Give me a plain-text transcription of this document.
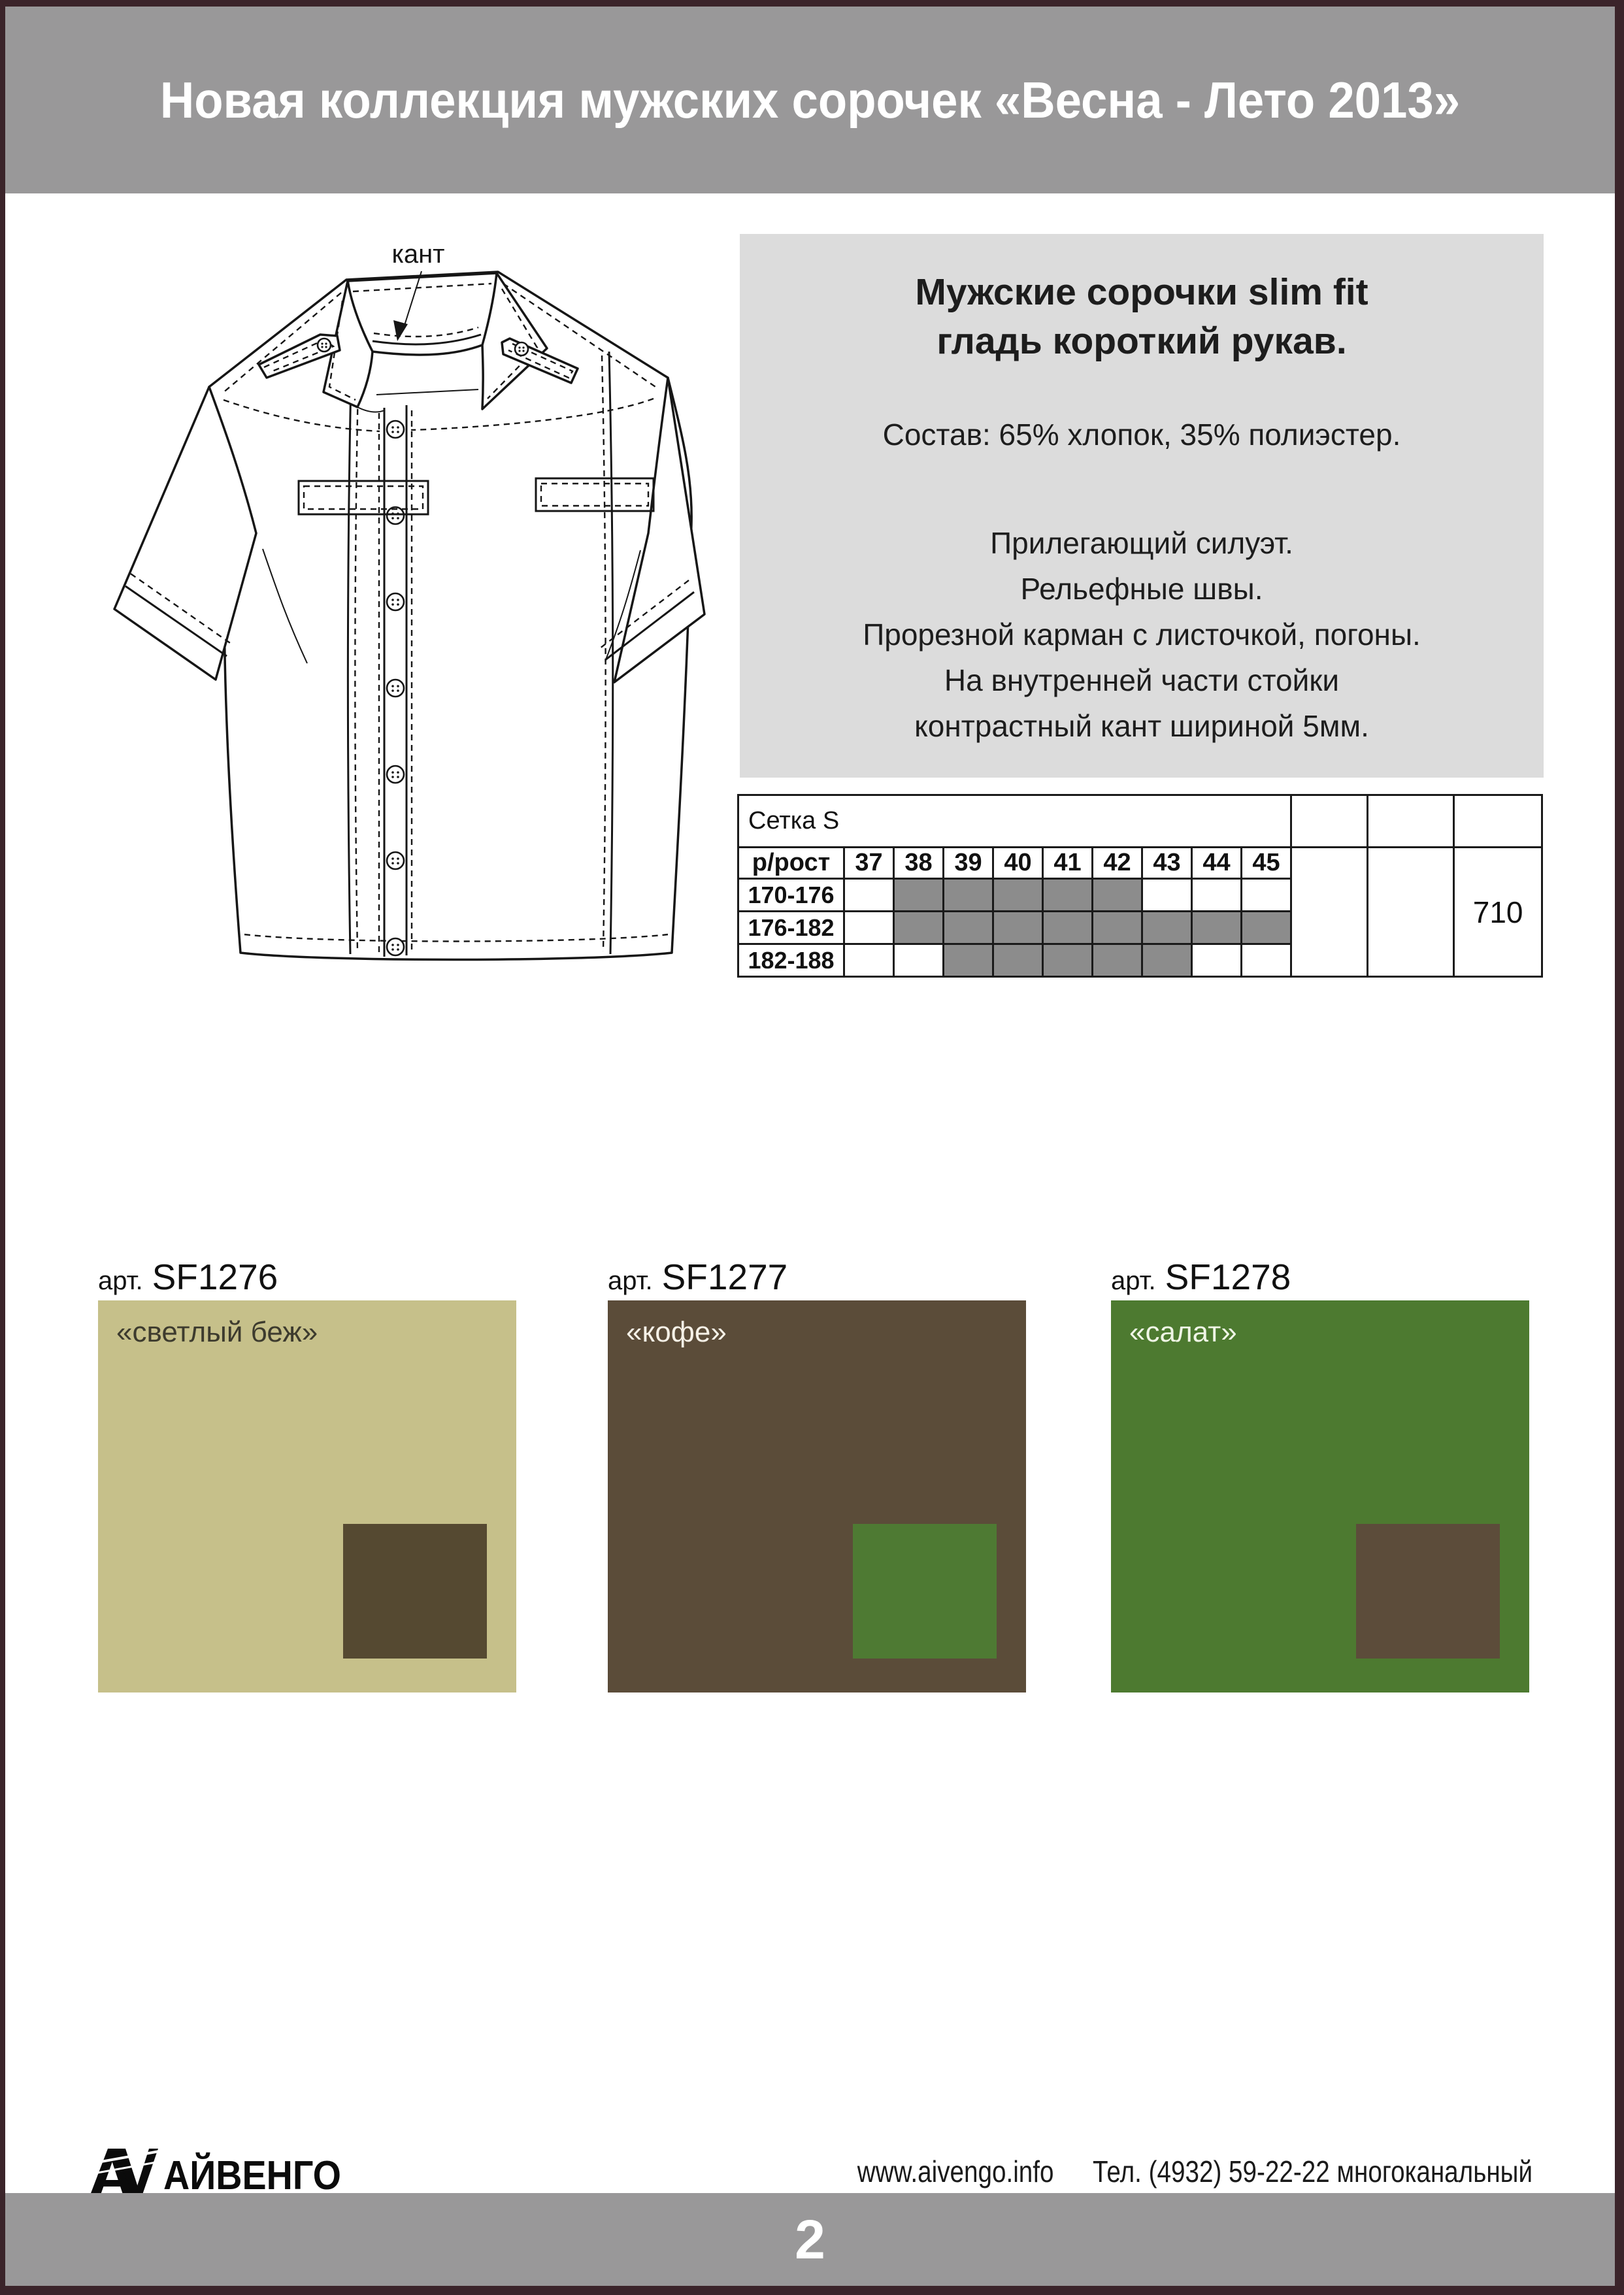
Новая коллекция мужских сорочек «Весна - Лето 2013»
кант
Мужские сорочки slim fit
гладь короткий рукав.
Состав: 65% хлопок, 35% полиэстер.
Прилегающий силуэт.
Рельефные швы.
Прорезной карман с листочкой, погоны.
На внутренней части стойки
контрастный кант шириной 5мм.
Сетка S												
р/рост	37	38	39	40	41	42	43	44	45			710
170-176												
176-182												
182-188												
арт. SF1276
«светлый беж»
арт. SF1277
«кофе»
арт. SF1278
«салат»
АЙВЕНГО	www.aivengo.info Тел. (4932) 59-22-22 многоканальный
2
